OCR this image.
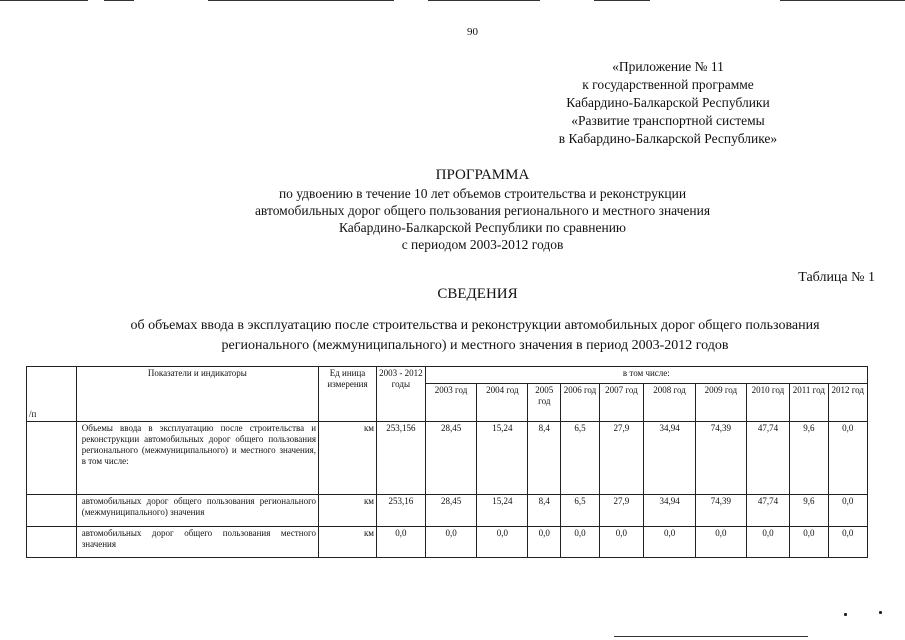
90
«Приложение № 11
к государственной программе
Кабардино-Балкарской Республики
«Развитие транспортной системы
в Кабардино-Балкарской Республике»
ПРОГРАММА
по удвоению в течение 10 лет объемов строительства и реконструкции
автомобильных дорог общего пользования регионального и местного значения
Кабардино-Балкарской Республики по сравнению
с периодом 2003-2012 годов
Таблица № 1
СВЕДЕНИЯ
об объемах ввода в эксплуатацию после строительства и реконструкции автомобильных дорог общего пользования
регионального (межмуниципального) и местного значения в период 2003-2012 годов
/п	Показатели и индикаторы	Ед иница измерения	2003 - 2012 годы	в том числе:									
				2003 год	2004 год	2005 год	2006 год	2007 год	2008 год	2009 год	2010 год	2011 год	2012 год
	Объемы ввода в эксплуатацию после строительства и реконструкции автомобильных дорог общего пользования регионального (межмуниципального) и местного значения, в том числе:	км	253,156	28,45	15,24	8,4	6,5	27,9	34,94	74,39	47,74	9,6	0,0
	автомобильных дорог общего пользования регионального (межмуниципального) значения	км	253,16	28,45	15,24	8,4	6,5	27,9	34,94	74,39	47,74	9,6	0,0
	автомобильных дорог общего пользования местного значения	км	0,0	0,0	0,0	0,0	0,0	0,0	0,0	0,0	0,0	0,0	0,0
